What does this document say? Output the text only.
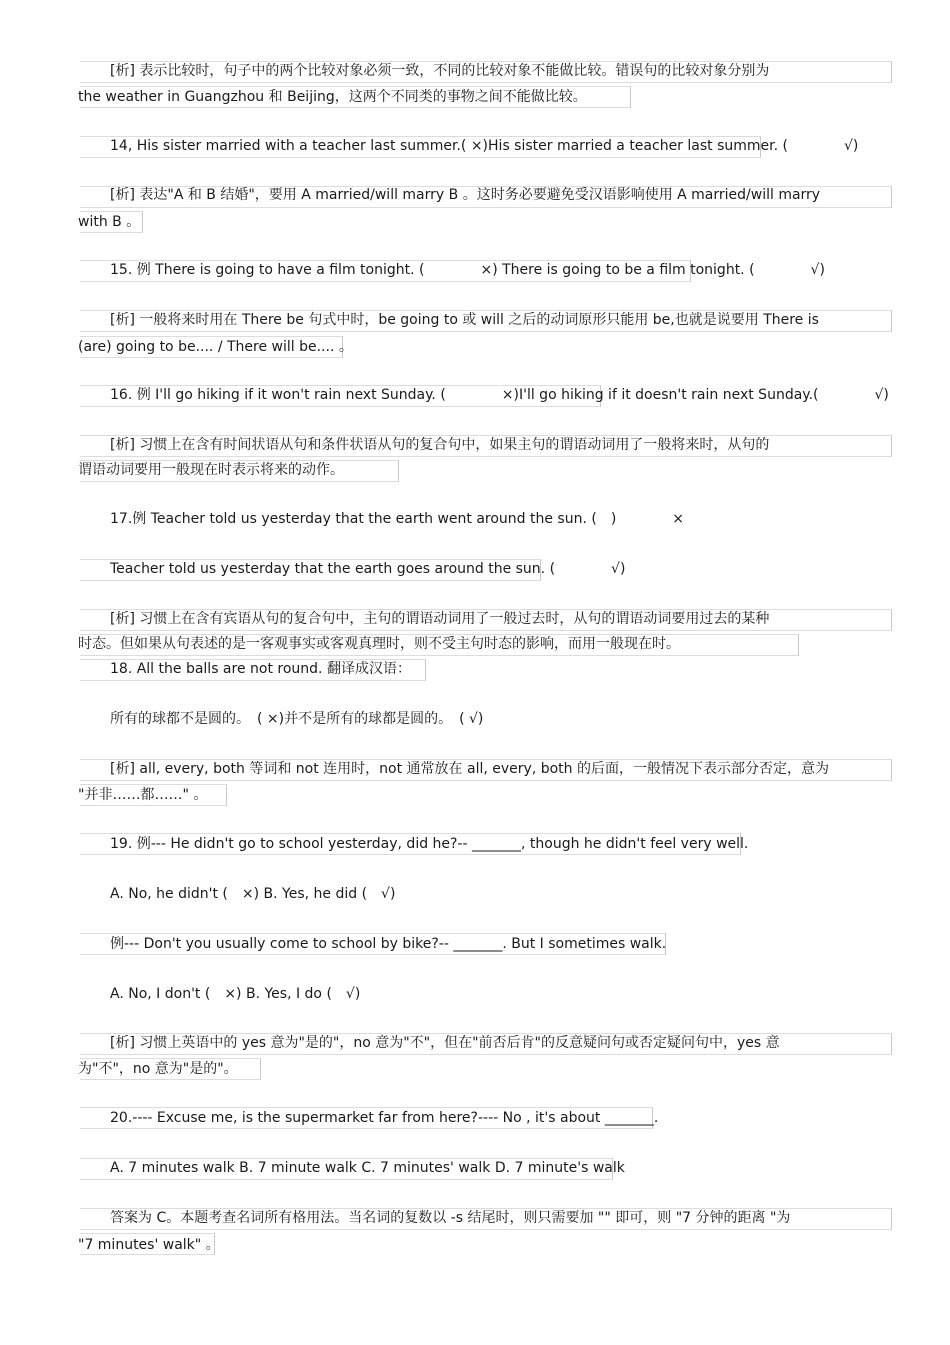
[析] 表示比较时，句子中的两个比较对象必须一致，不同的比较对象不能做比较。错误句的比较对象分别为
the weather in Guangzhou 和 Beijing，这两个不同类的事物之间不能做比较。
14, His sister married with a teacher last summer.( ×)His sister married a teacher last summer. (　　　　√)
[析] 表达"A 和 B 结婚"，要用 A married/will marry B 。这时务必要避免受汉语影响使用 A married/will marry
with B 。
15. 例 There is going to have a film tonight. (　　　　×) There is going to be a film tonight. (　　　　√)
[析] 一般将来时用在 There be 句式中时，be going to 或 will 之后的动词原形只能用 be,也就是说要用 There is
(are) going to be.... / There will be.... 。
16. 例 I'll go hiking if it won't rain next Sunday. (　　　　×)I'll go hiking if it doesn't rain next Sunday.(　　　　√)
[析] 习惯上在含有时间状语从句和条件状语从句的复合句中，如果主句的谓语动词用了一般将来时，从句的
谓语动词要用一般现在时表示将来的动作。
17.例 Teacher told us yesterday that the earth went around the sun. (　)　　　　×
Teacher told us yesterday that the earth goes around the sun. (　　　　√)
[析] 习惯上在含有宾语从句的复合句中，主句的谓语动词用了一般过去时，从句的谓语动词要用过去的某种
时态。但如果从句表述的是一客观事实或客观真理时，则不受主句时态的影响，而用一般现在时。
18. All the balls are not round. 翻译成汉语：
所有的球都不是圆的。　( ×)并不是所有的球都是圆的。　( √)
[析] all, every, both 等词和 not 连用时，not 通常放在 all, every, both 的后面，一般情况下表示部分否定，意为
"并非……都……" 。
19. 例--- He didn't go to school yesterday, did he?-- _______, though he didn't feel very well.
A. No, he didn't (　×) B. Yes, he did (　√)
例--- Don't you usually come to school by bike?-- _______. But I sometimes walk.
A. No, I don't (　×) B. Yes, I do (　√)
[析] 习惯上英语中的 yes 意为"是的"，no 意为"不"，但在"前否后肯"的反意疑问句或否定疑问句中，yes 意
为"不"，no 意为"是的"。
20.---- Excuse me, is the supermarket far from here?---- No , it's about _______.
A. 7 minutes walk B. 7 minute walk C. 7 minutes' walk D. 7 minute's walk
答案为 C。本题考查名词所有格用法。当名词的复数以 -s 结尾时，则只需要加 "" 即可，则 "7 分钟的距离 "为
"7 minutes' walk" 。
